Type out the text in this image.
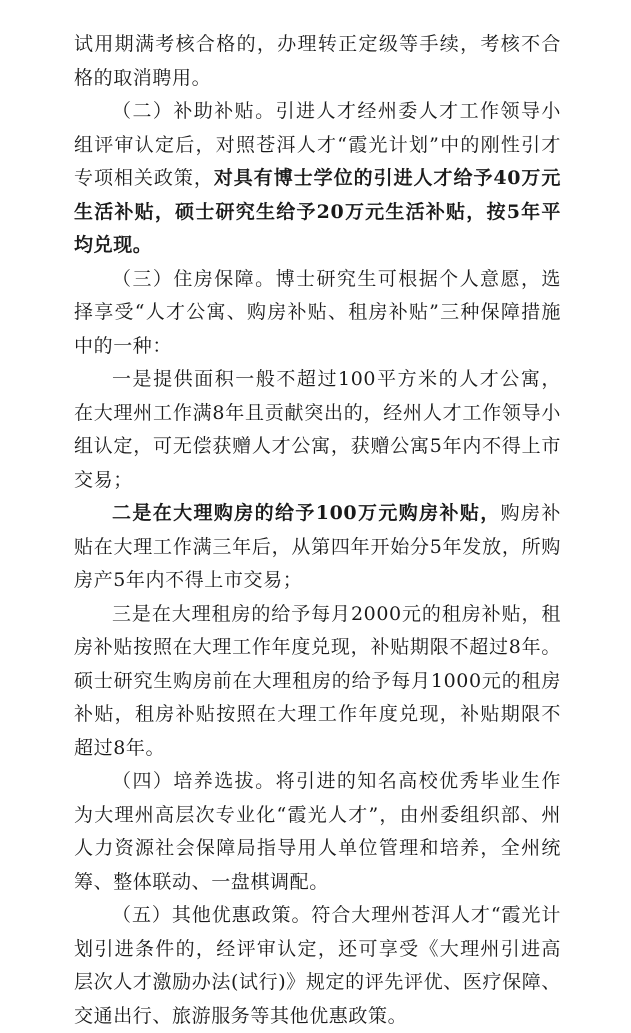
试用期满考核合格的，办理转正定级等手续，考核不合格的取消聘用。

（二）补助补贴。引进人才经州委人才工作领导小组评审认定后，对照苍洱人才“霞光计划”中的刚性引才专项相关政策，对具有博士学位的引进人才给予40万元生活补贴，硕士研究生给予20万元生活补贴，按5年平均兑现。

（三）住房保障。博士研究生可根据个人意愿，选择享受“人才公寓、购房补贴、租房补贴”三种保障措施中的一种：

一是提供面积一般不超过100平方米的人才公寓，在大理州工作满8年且贡献突出的，经州人才工作领导小组认定，可无偿获赠人才公寓，获赠公寓5年内不得上市交易；

二是在大理购房的给予100万元购房补贴，购房补贴在大理工作满三年后，从第四年开始分5年发放，所购房产5年内不得上市交易；

三是在大理租房的给予每月2000元的租房补贴，租房补贴按照在大理工作年度兑现，补贴期限不超过8年。硕士研究生购房前在大理租房的给予每月1000元的租房补贴，租房补贴按照在大理工作年度兑现，补贴期限不超过8年。

（四）培养选拔。将引进的知名高校优秀毕业生作为大理州高层次专业化“霞光人才”，由州委组织部、州人力资源社会保障局指导用人单位管理和培养，全州统筹、整体联动、一盘棋调配。

（五）其他优惠政策。符合大理州苍洱人才“霞光计划引进条件的，经评审认定，还可享受《大理州引进高层次人才激励办法(试行)》规定的评先评优、医疗保障、交通出行、旅游服务等其他优惠政策。
